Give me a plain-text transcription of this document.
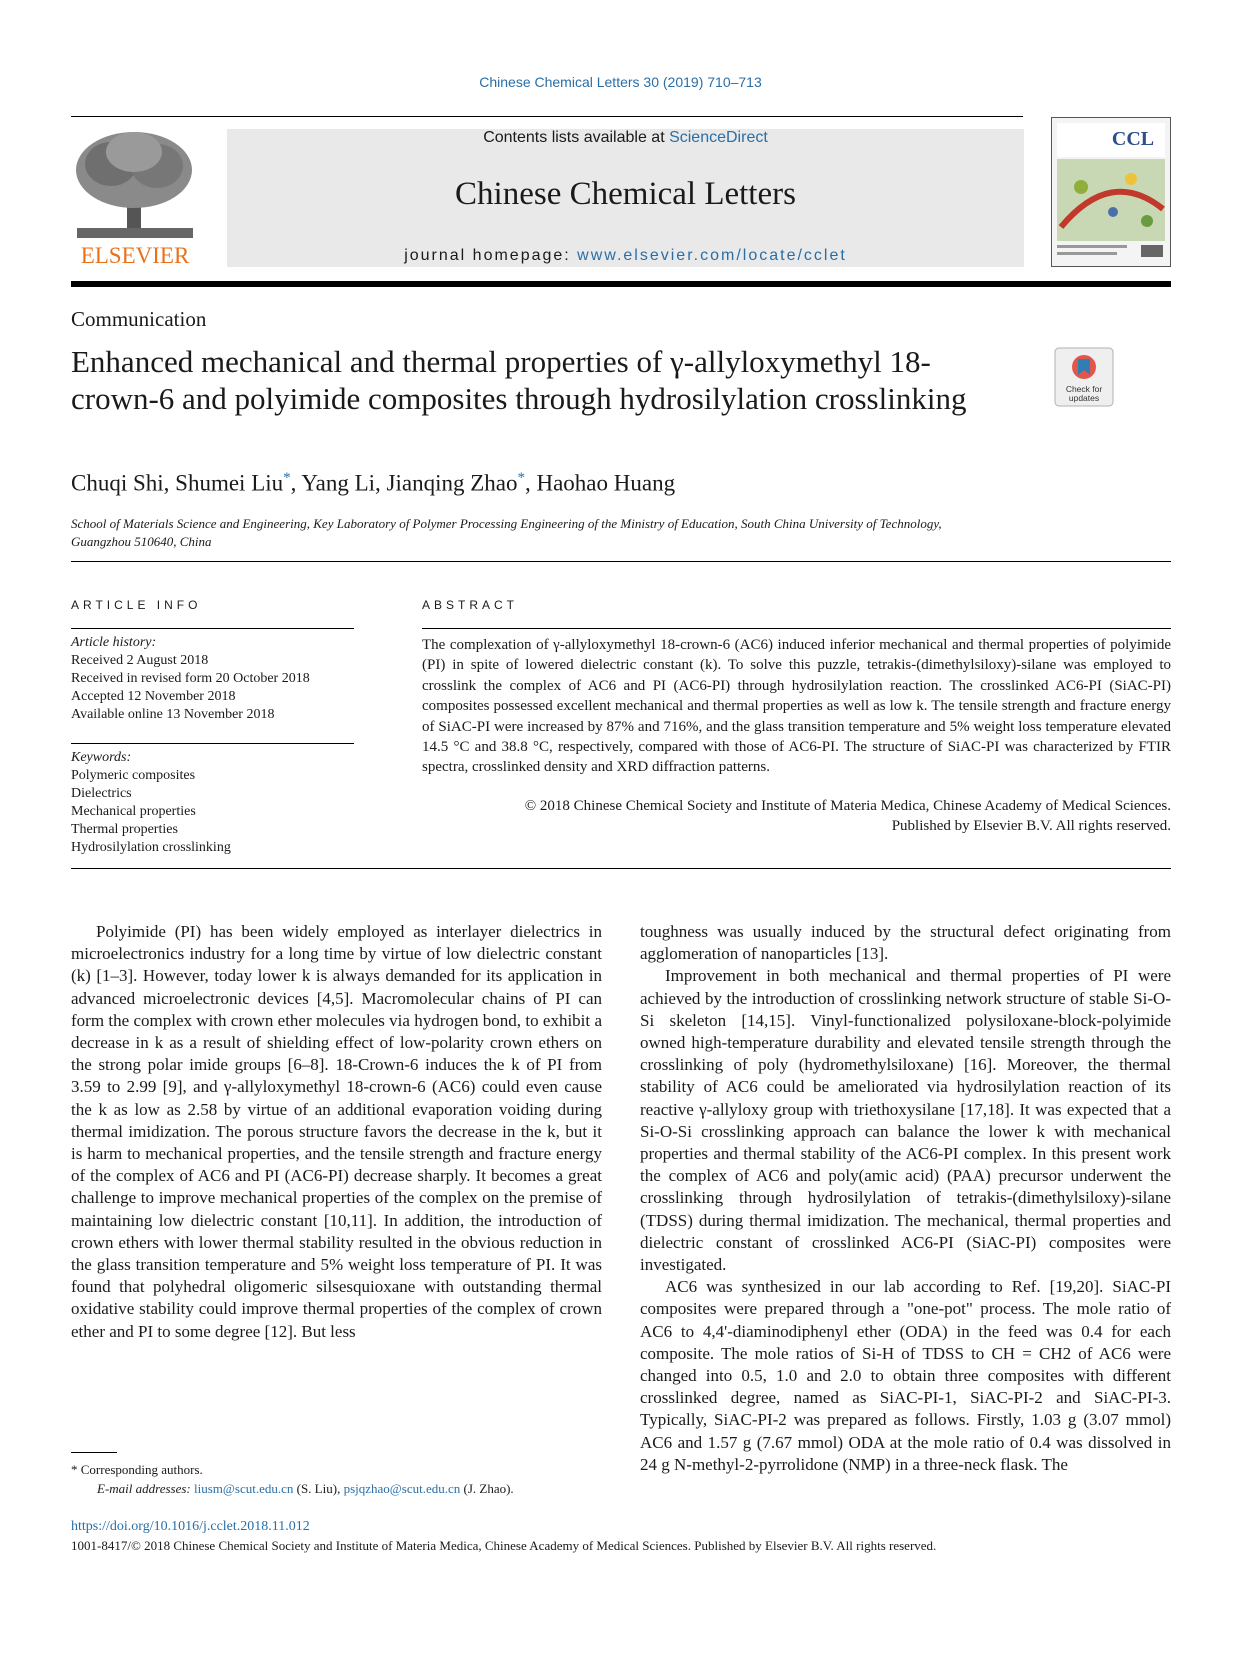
Chinese Chemical Letters 30 (2019) 710–713
ELSEVIER
Contents lists available at ScienceDirect
Chinese Chemical Letters
journal homepage: www.elsevier.com/locate/cclet
CCL
Communication
Enhanced mechanical and thermal properties of γ-allyloxymethyl 18-crown-6 and polyimide composites through hydrosilylation crosslinking	Check for
updates
Chuqi Shi, Shumei Liu*, Yang Li, Jianqing Zhao*, Haohao Huang
School of Materials Science and Engineering, Key Laboratory of Polymer Processing Engineering of the Ministry of Education, South China University of Technology, Guangzhou 510640, China
ARTICLE INFO
Article history:
Received 2 August 2018
Received in revised form 20 October 2018
Accepted 12 November 2018
Available online 13 November 2018
Keywords:
Polymeric composites
Dielectrics
Mechanical properties
Thermal properties
Hydrosilylation crosslinking
ABSTRACT
The complexation of γ-allyloxymethyl 18-crown-6 (AC6) induced inferior mechanical and thermal properties of polyimide (PI) in spite of lowered dielectric constant (k). To solve this puzzle, tetrakis-(dimethylsiloxy)-silane was employed to crosslink the complex of AC6 and PI (AC6-PI) through hydrosilylation reaction. The crosslinked AC6-PI (SiAC-PI) composites possessed excellent mechanical and thermal properties as well as low k. The tensile strength and fracture energy of SiAC-PI were increased by 87% and 716%, and the glass transition temperature and 5% weight loss temperature elevated 14.5 °C and 38.8 °C, respectively, compared with those of AC6-PI. The structure of SiAC-PI was characterized by FTIR spectra, crosslinked density and XRD diffraction patterns.
© 2018 Chinese Chemical Society and Institute of Materia Medica, Chinese Academy of Medical Sciences.
Published by Elsevier B.V. All rights reserved.

Polyimide (PI) has been widely employed as interlayer dielectrics in microelectronics industry for a long time by virtue of low dielectric constant (k) [1–3]. However, today lower k is always demanded for its application in advanced microelectronic devices [4,5]. Macromolecular chains of PI can form the complex with crown ether molecules via hydrogen bond, to exhibit a decrease in k as a result of shielding effect of low-polarity crown ethers on the strong polar imide groups [6–8]. 18-Crown-6 induces the k of PI from 3.59 to 2.99 [9], and γ-allyloxymethyl 18-crown-6 (AC6) could even cause the k as low as 2.58 by virtue of an additional evaporation voiding during thermal imidization. The porous structure favors the decrease in the k, but it is harm to mechanical properties, and the tensile strength and fracture energy of the complex of AC6 and PI (AC6-PI) decrease sharply. It becomes a great challenge to improve mechanical properties of the complex on the premise of maintaining low dielectric constant [10,11]. In addition, the introduction of crown ethers with lower thermal stability resulted in the obvious reduction in the glass transition temperature and 5% weight loss temperature of PI. It was found that polyhedral oligomeric silsesquioxane with outstanding thermal oxidative stability could improve thermal properties of the complex of crown ether and PI to some degree [12]. But less

toughness was usually induced by the structural defect originating from agglomeration of nanoparticles [13].

Improvement in both mechanical and thermal properties of PI were achieved by the introduction of crosslinking network structure of stable Si-O-Si skeleton [14,15]. Vinyl-functionalized polysiloxane-block-polyimide owned high-temperature durability and elevated tensile strength through the crosslinking of poly (hydromethylsiloxane) [16]. Moreover, the thermal stability of AC6 could be ameliorated via hydrosilylation reaction of its reactive γ-allyloxy group with triethoxysilane [17,18]. It was expected that a Si-O-Si crosslinking approach can balance the lower k with mechanical properties and thermal stability of the AC6-PI complex. In this present work the complex of AC6 and poly(amic acid) (PAA) precursor underwent the crosslinking through hydrosilylation of tetrakis-(dimethylsiloxy)-silane (TDSS) during thermal imidization. The mechanical, thermal properties and dielectric constant of crosslinked AC6-PI (SiAC-PI) composites were investigated.

AC6 was synthesized in our lab according to Ref. [19,20]. SiAC-PI composites were prepared through a "one-pot" process. The mole ratio of AC6 to 4,4'-diaminodiphenyl ether (ODA) in the feed was 0.4 for each composite. The mole ratios of Si-H of TDSS to CH = CH2 of AC6 were changed into 0.5, 1.0 and 2.0 to obtain three composites with different crosslinked degree, named as SiAC-PI-1, SiAC-PI-2 and SiAC-PI-3. Typically, SiAC-PI-2 was prepared as follows. Firstly, 1.03 g (3.07 mmol) AC6 and 1.57 g (7.67 mmol) ODA at the mole ratio of 0.4 was dissolved in 24 g N-methyl-2-pyrrolidone (NMP) in a three-neck flask. The

* Corresponding authors.
E-mail addresses: liusm@scut.edu.cn (S. Liu), psjqzhao@scut.edu.cn (J. Zhao).
https://doi.org/10.1016/j.cclet.2018.11.012
1001-8417/© 2018 Chinese Chemical Society and Institute of Materia Medica, Chinese Academy of Medical Sciences. Published by Elsevier B.V. All rights reserved.
